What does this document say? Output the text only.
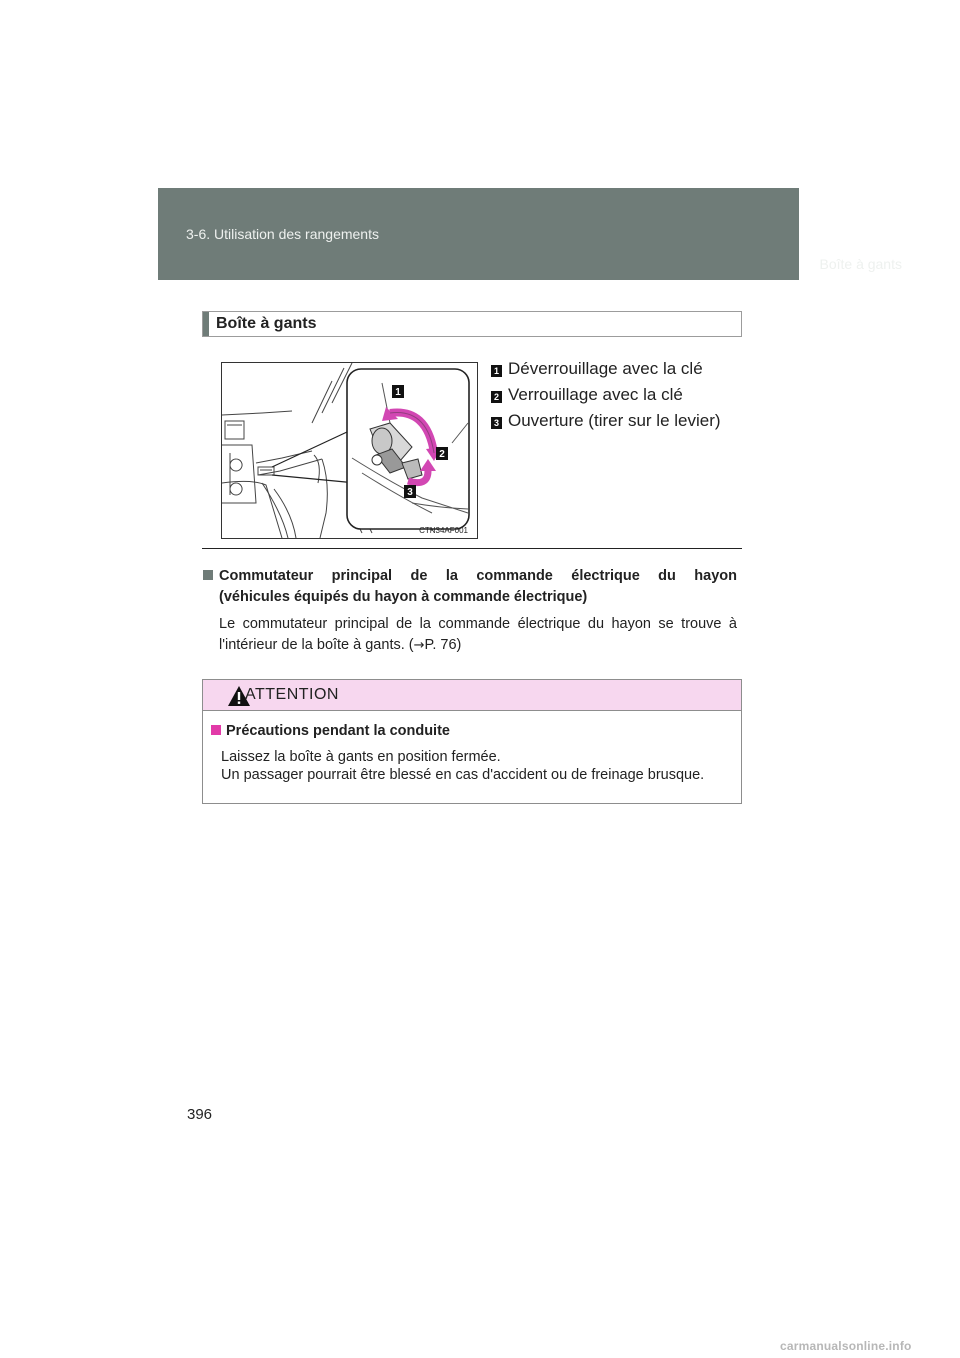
3-6. Utilisation des rangements
Boîte à gants
Boîte à gants
1
2
3
CTN34AF001
1 Déverrouillage avec la clé
2 Verrouillage avec la clé
3 Ouverture (tirer sur le levier)
Commutateur principal de la commande électrique du hayon
(véhicules équipés du hayon à commande électrique)
Le commutateur principal de la commande électrique du hayon se trouve à l'intérieur de la boîte à gants. (→P. 76)
ATTENTION
Précautions pendant la conduite
Laissez la boîte à gants en position fermée.
Un passager pourrait être blessé en cas d'accident ou de freinage brusque.
396
carmanualsonline.info
